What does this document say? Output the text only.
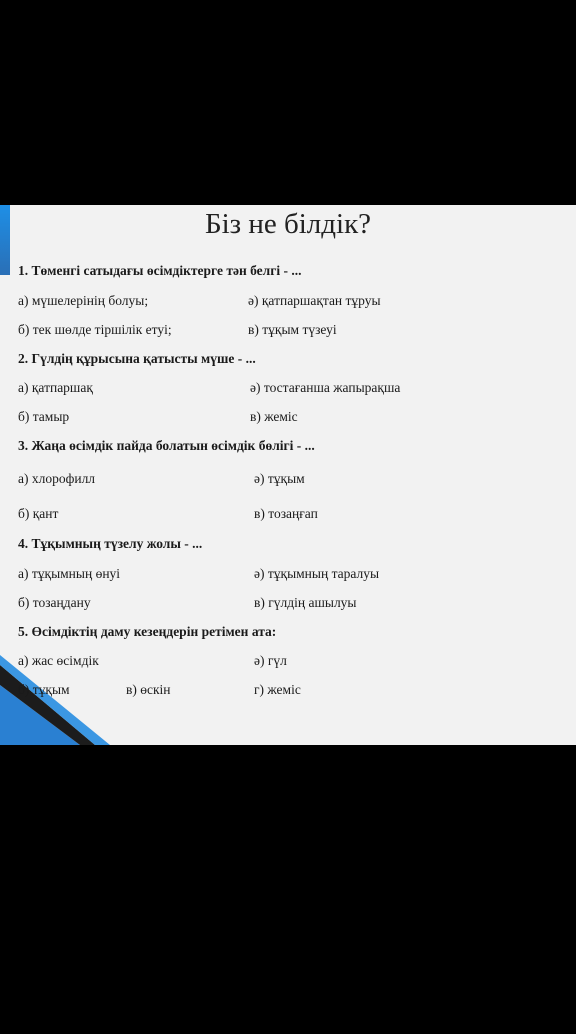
Біз не білдік?
1. Төменгі сатыдағы өсімдіктерге тән белгі - ...
а) мүшелерінің болуы;	ә) қатпаршақтан тұруы
б) тек шөлде тіршілік етуі;	в) тұқым түзеуі
2. Гүлдің құрысына қатысты мүше - ...
а) қатпаршақ	ә) тостағанша жапырақша
б) тамыр	в) жеміс
3. Жаңа өсімдік пайда болатын өсімдік бөлігі - ...
а) хлорофилл	ә) тұқым
б) қант	в) тозаңғап
4. Тұқымның түзелу жолы - ...
а) тұқымның өнуі	ә) тұқымның таралуы
б) тозаңдану	в) гүлдің ашылуы
5. Өсімдіктің даму кезеңдерін ретімен ата:
а) жас өсімдік	ә) гүл
б) тұқым	в) өскін	г) жеміс
